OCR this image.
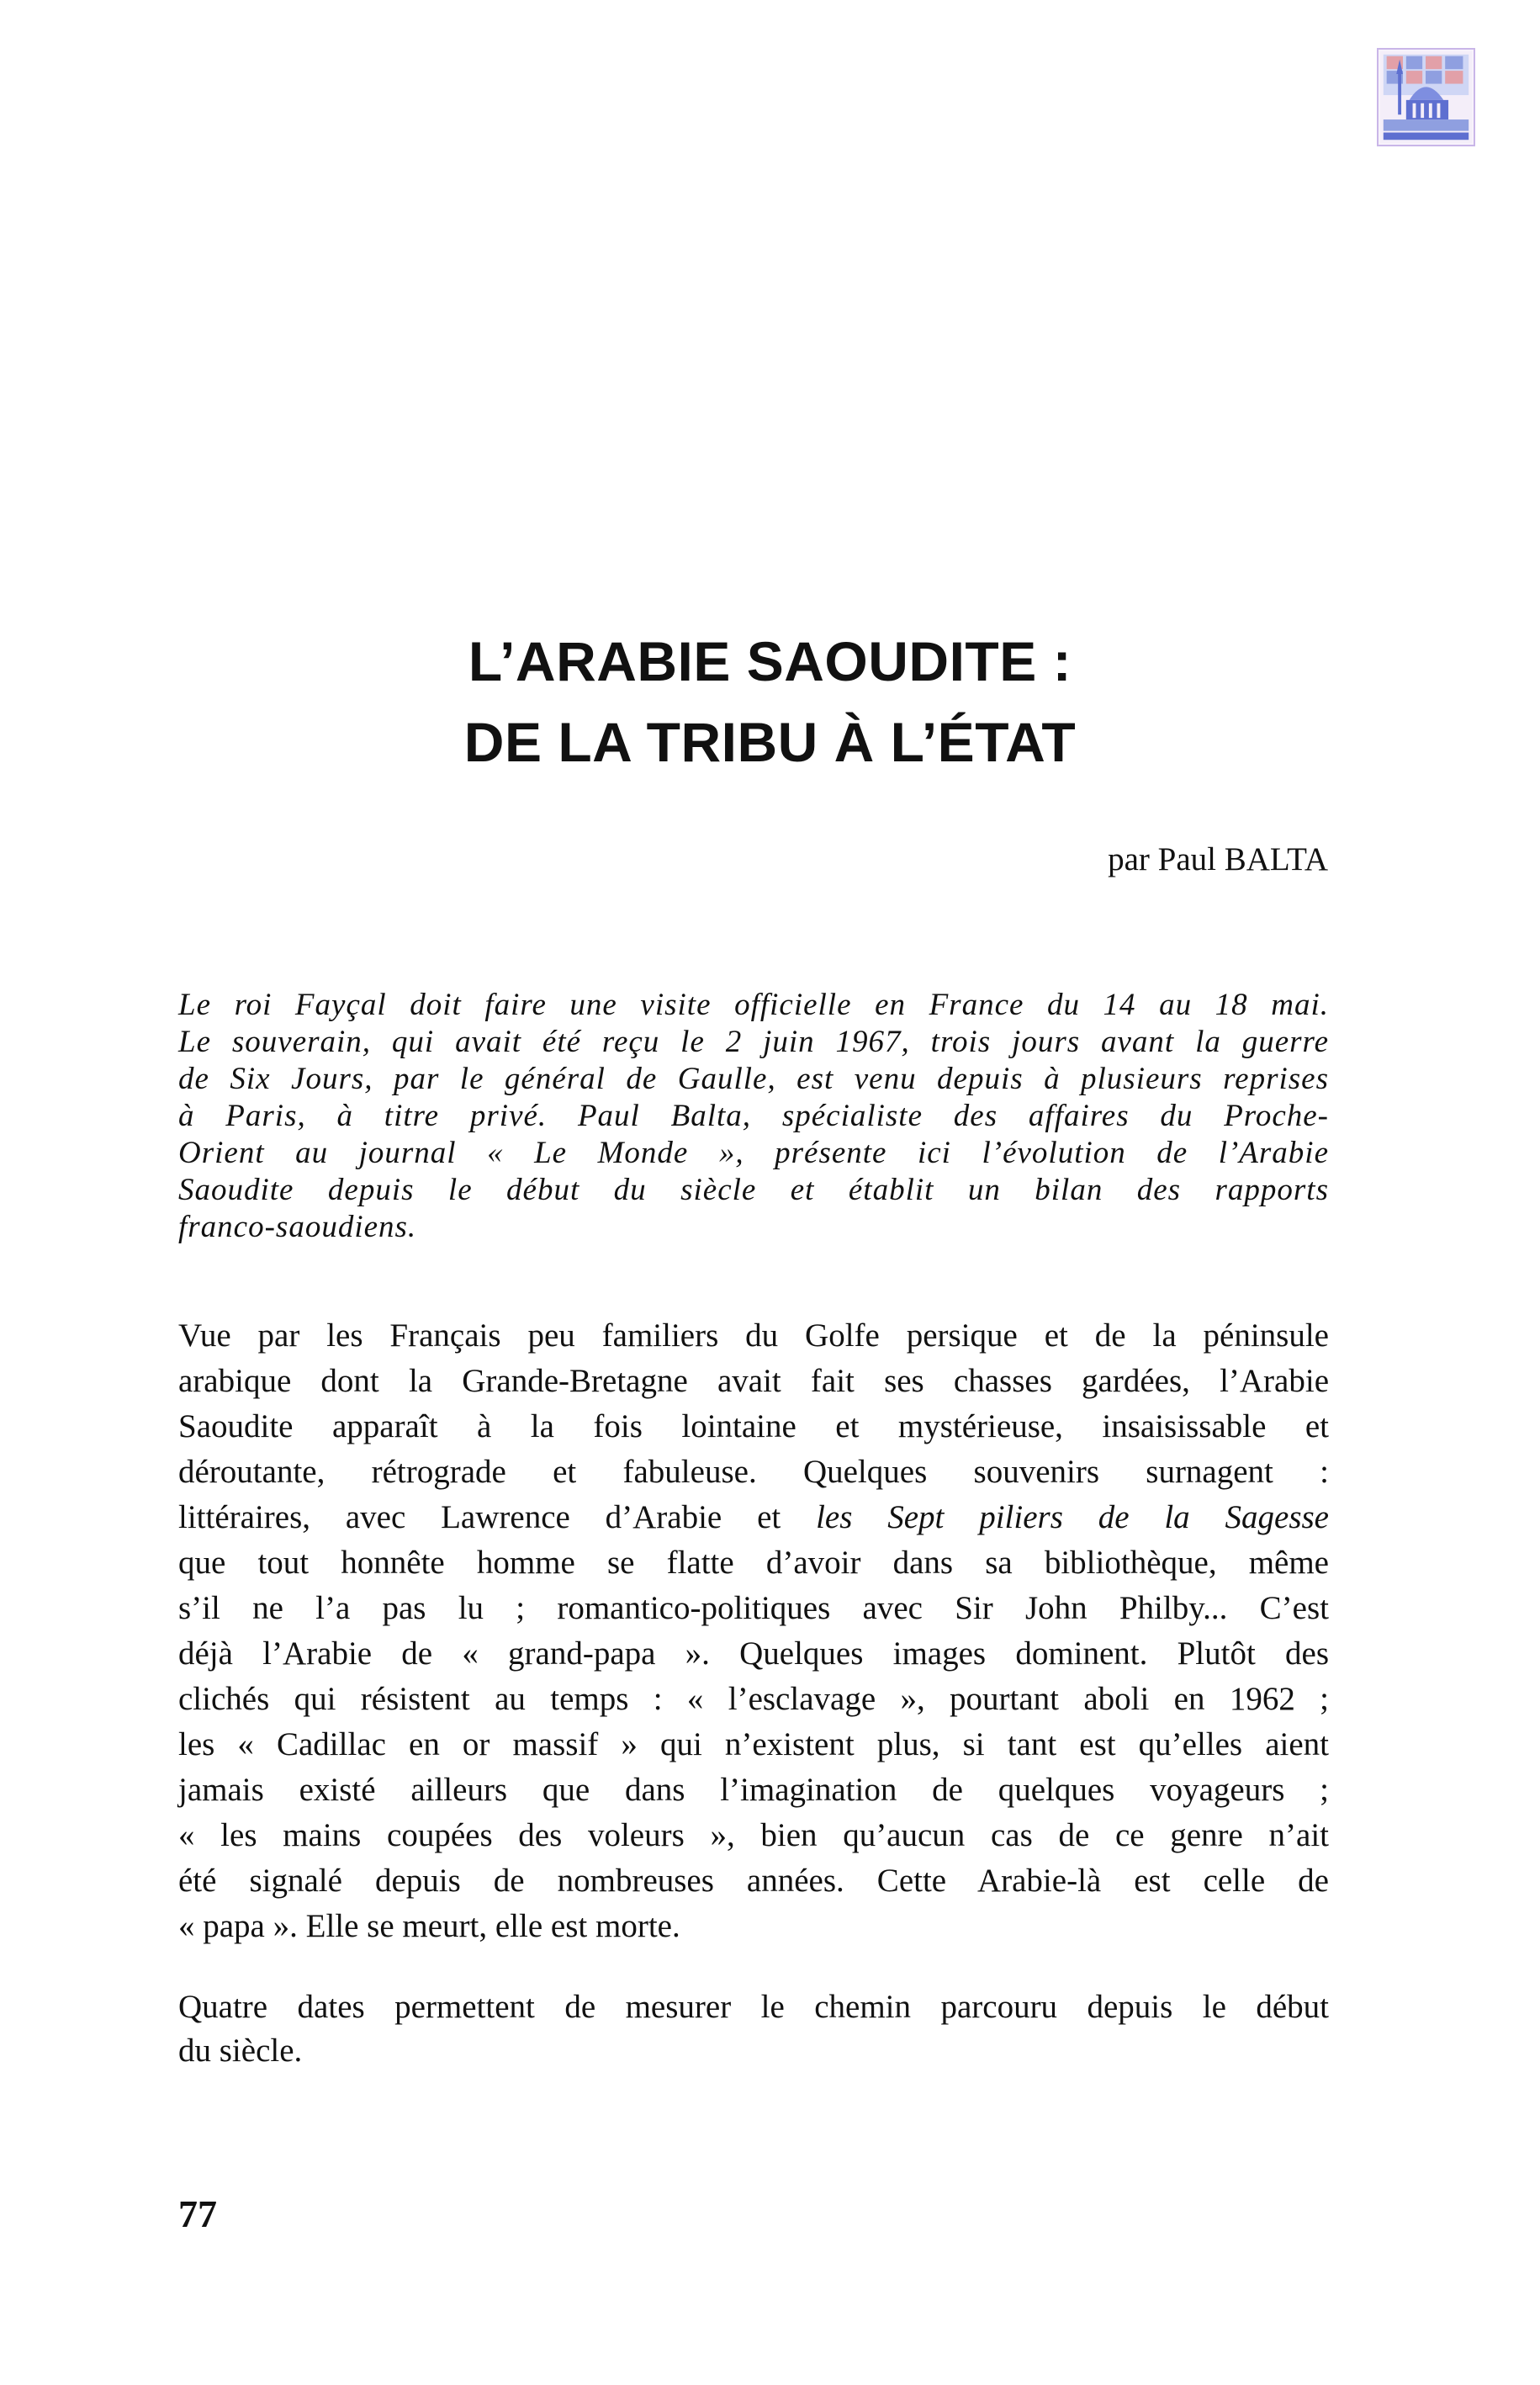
L’ARABIE SAOUDITE :
DE LA TRIBU À L’ÉTAT
par Paul BALTA
Le roi Fayçal doit faire une visite officielle en France du 14 au 18 mai.
Le souverain, qui avait été reçu le 2 juin 1967, trois jours avant la guerre
de Six Jours, par le général de Gaulle, est venu depuis à plusieurs reprises
à Paris, à titre privé. Paul Balta, spécialiste des affaires du Proche-
Orient au journal « Le Monde », présente ici l’évolution de l’Arabie
Saoudite depuis le début du siècle et établit un bilan des rapports
franco-saoudiens.
Vue par les Français peu familiers du Golfe persique et de la péninsule
arabique dont la Grande-Bretagne avait fait ses chasses gardées, l’Arabie
Saoudite apparaît à la fois lointaine et mystérieuse, insaisissable et
déroutante, rétrograde et fabuleuse. Quelques souvenirs surnagent :
littéraires, avec Lawrence d’Arabie et les Sept piliers de la Sagesse
que tout honnête homme se flatte d’avoir dans sa bibliothèque, même
s’il ne l’a pas lu ; romantico-politiques avec Sir John Philby... C’est
déjà l’Arabie de « grand-papa ». Quelques images dominent. Plutôt des
clichés qui résistent au temps : « l’esclavage », pourtant aboli en 1962 ;
les « Cadillac en or massif » qui n’existent plus, si tant est qu’elles aient
jamais existé ailleurs que dans l’imagination de quelques voyageurs ;
« les mains coupées des voleurs », bien qu’aucun cas de ce genre n’ait
été signalé depuis de nombreuses années. Cette Arabie-là est celle de
« papa ». Elle se meurt, elle est morte.
Quatre dates permettent de mesurer le chemin parcouru depuis le début
du siècle.
77
